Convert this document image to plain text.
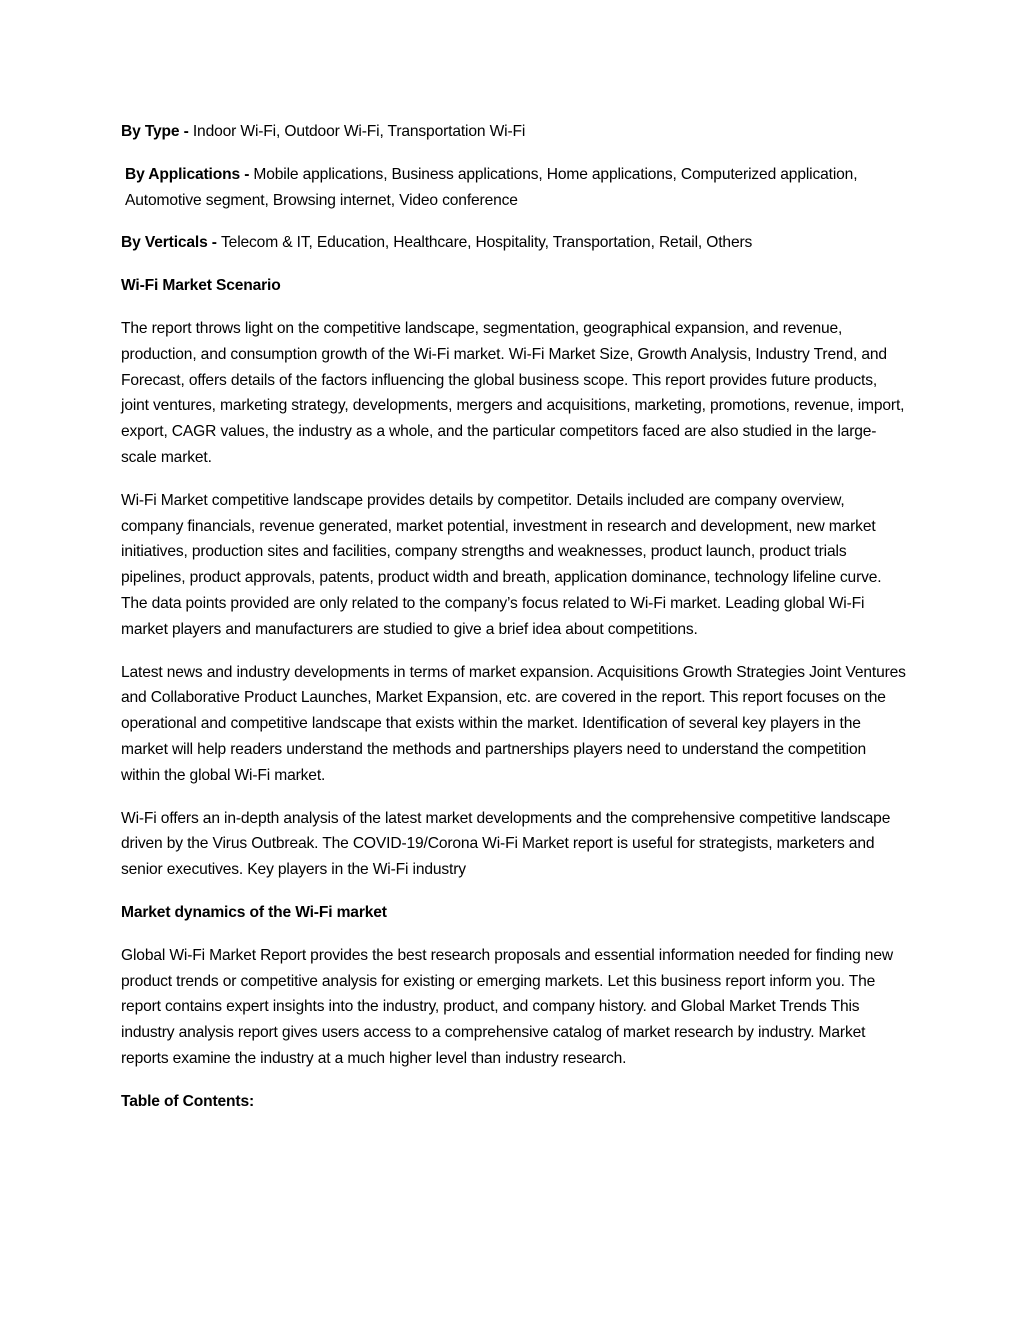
By Type - Indoor Wi-Fi, Outdoor Wi-Fi, Transportation Wi-Fi

By Applications - Mobile applications, Business applications, Home applications, Computerized application, Automotive segment, Browsing internet, Video conference

By Verticals - Telecom & IT, Education, Healthcare, Hospitality, Transportation, Retail, Others

Wi-Fi Market Scenario

The report throws light on the competitive landscape, segmentation, geographical expansion, and revenue, production, and consumption growth of the Wi-Fi market. Wi-Fi Market Size, Growth Analysis, Industry Trend, and Forecast, offers details of the factors influencing the global business scope. This report provides future products, joint ventures, marketing strategy, developments, mergers and acquisitions, marketing, promotions, revenue, import, export, CAGR values, the industry as a whole, and the particular competitors faced are also studied in the large-scale market.

Wi-Fi Market competitive landscape provides details by competitor. Details included are company overview, company financials, revenue generated, market potential, investment in research and development, new market initiatives, production sites and facilities, company strengths and weaknesses, product launch, product trials pipelines, product approvals, patents, product width and breath, application dominance, technology lifeline curve. The data points provided are only related to the company’s focus related to Wi-Fi market. Leading global Wi-Fi market players and manufacturers are studied to give a brief idea about competitions.

Latest news and industry developments in terms of market expansion. Acquisitions Growth Strategies Joint Ventures and Collaborative Product Launches, Market Expansion, etc. are covered in the report. This report focuses on the operational and competitive landscape that exists within the market. Identification of several key players in the market will help readers understand the methods and partnerships players need to understand the competition within the global Wi-Fi market.

Wi-Fi offers an in-depth analysis of the latest market developments and the comprehensive competitive landscape driven by the Virus Outbreak. The COVID-19/Corona Wi-Fi Market report is useful for strategists, marketers and senior executives. Key players in the Wi-Fi industry

Market dynamics of the Wi-Fi market

Global Wi-Fi Market Report provides the best research proposals and essential information needed for finding new product trends or competitive analysis for existing or emerging markets. Let this business report inform you. The report contains expert insights into the industry, product, and company history. and Global Market Trends This industry analysis report gives users access to a comprehensive catalog of market research by industry. Market reports examine the industry at a much higher level than industry research.

Table of Contents:
